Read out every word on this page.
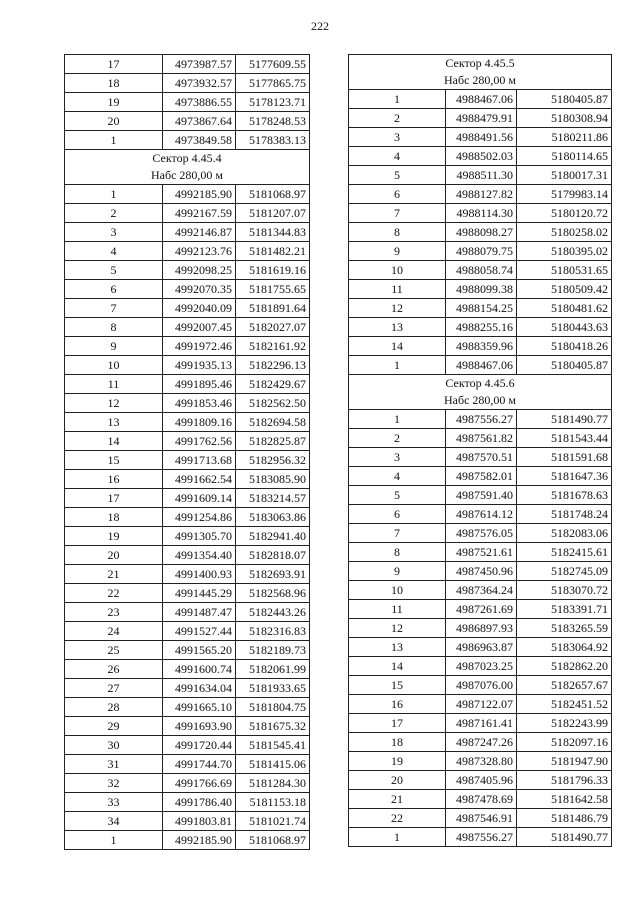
222
17	4973987.57	5177609.55
18	4973932.57	5177865.75
19	4973886.55	5178123.71
20	4973867.64	5178248.53
1	4973849.58	5178383.13

Сектор 4.45.4
Набс 280,00 м		

1	4992185.90	5181068.97
2	4992167.59	5181207.07
3	4992146.87	5181344.83
4	4992123.76	5181482.21
5	4992098.25	5181619.16
6	4992070.35	5181755.65
7	4992040.09	5181891.64
8	4992007.45	5182027.07
9	4991972.46	5182161.92
10	4991935.13	5182296.13
11	4991895.46	5182429.67
12	4991853.46	5182562.50
13	4991809.16	5182694.58
14	4991762.56	5182825.87
15	4991713.68	5182956.32
16	4991662.54	5183085.90
17	4991609.14	5183214.57
18	4991254.86	5183063.86
19	4991305.70	5182941.40
20	4991354.40	5182818.07
21	4991400.93	5182693.91
22	4991445.29	5182568.96
23	4991487.47	5182443.26
24	4991527.44	5182316.83
25	4991565.20	5182189.73
26	4991600.74	5182061.99
27	4991634.04	5181933.65
28	4991665.10	5181804.75
29	4991693.90	5181675.32
30	4991720.44	5181545.41
31	4991744.70	5181415.06
32	4991766.69	5181284.30
33	4991786.40	5181153.18
34	4991803.81	5181021.74
1	4992185.90	5181068.97
Сектор 4.45.5
Набс 280,00 м		

1	4988467.06	5180405.87
2	4988479.91	5180308.94
3	4988491.56	5180211.86
4	4988502.03	5180114.65
5	4988511.30	5180017.31
6	4988127.82	5179983.14
7	4988114.30	5180120.72
8	4988098.27	5180258.02
9	4988079.75	5180395.02
10	4988058.74	5180531.65
11	4988099.38	5180509.42
12	4988154.25	5180481.62
13	4988255.16	5180443.63
14	4988359.96	5180418.26
1	4988467.06	5180405.87

Сектор 4.45.6
Набс 280,00 м		

1	4987556.27	5181490.77
2	4987561.82	5181543.44
3	4987570.51	5181591.68
4	4987582.01	5181647.36
5	4987591.40	5181678.63
6	4987614.12	5181748.24
7	4987576.05	5182083.06
8	4987521.61	5182415.61
9	4987450.96	5182745.09
10	4987364.24	5183070.72
11	4987261.69	5183391.71
12	4986897.93	5183265.59
13	4986963.87	5183064.92
14	4987023.25	5182862.20
15	4987076.00	5182657.67
16	4987122.07	5182451.52
17	4987161.41	5182243.99
18	4987247.26	5182097.16
19	4987328.80	5181947.90
20	4987405.96	5181796.33
21	4987478.69	5181642.58
22	4987546.91	5181486.79
1	4987556.27	5181490.77
